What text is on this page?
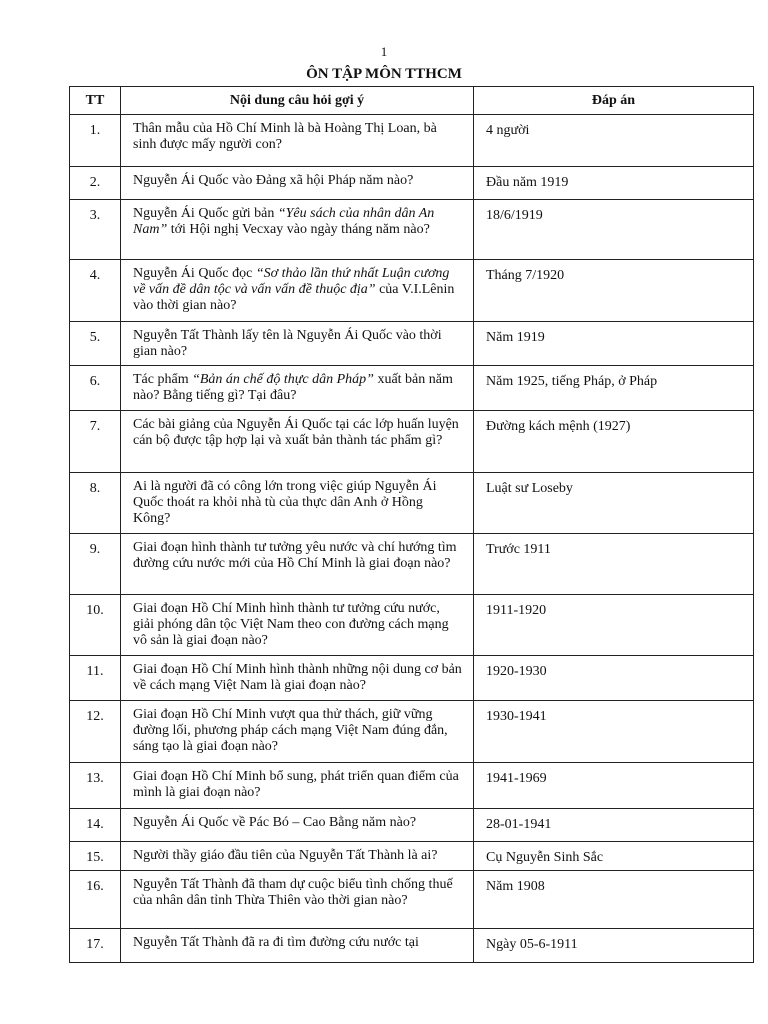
1
ÔN TẬP MÔN TTHCM
TT	Nội dung câu hỏi gợi ý	Đáp án
1.	Thân mẫu của Hồ Chí Minh là bà Hoàng Thị Loan, bà sinh được mấy người con?	4 người
2.	Nguyễn Ái Quốc vào Đảng xã hội Pháp năm nào?	Đầu năm 1919
3.	Nguyễn Ái Quốc gửi bản “Yêu sách của nhân dân An Nam” tới Hội nghị Vecxay vào ngày tháng năm nào?	18/6/1919
4.	Nguyễn Ái Quốc đọc “Sơ thảo lần thứ nhất Luận cương về vấn đề dân tộc và vấn vấn đề thuộc địa” của V.I.Lênin vào thời gian nào?	Tháng 7/1920
5.	Nguyễn Tất Thành lấy tên là Nguyễn Ái Quốc vào thời gian nào?	Năm 1919
6.	Tác phẩm “Bản án chế độ thực dân Pháp” xuất bản năm nào? Bằng tiếng gì? Tại đâu?	Năm 1925, tiếng Pháp, ở Pháp
7.	Các bài giảng của Nguyễn Ái Quốc tại các lớp huấn luyện cán bộ được tập hợp lại và xuất bản thành tác phẩm gì?	Đường kách mệnh (1927)
8.	Ai là người đã có công lớn trong việc giúp Nguyễn Ái Quốc thoát ra khỏi nhà tù của thực dân Anh ở Hồng Kông?	Luật sư Loseby
9.	Giai đoạn hình thành tư tưởng yêu nước và chí hướng tìm đường cứu nước mới của Hồ Chí Minh là giai đoạn nào?	Trước 1911
10.	Giai đoạn Hồ Chí Minh hình thành tư tưởng cứu nước, giải phóng dân tộc Việt Nam theo con đường cách mạng vô sản là giai đoạn nào?	1911-1920
11.	Giai đoạn Hồ Chí Minh hình thành những nội dung cơ bản về cách mạng Việt Nam là giai đoạn nào?	1920-1930
12.	Giai đoạn Hồ Chí Minh vượt qua thử thách, giữ vững đường lối, phương pháp cách mạng Việt Nam đúng đắn, sáng tạo là giai đoạn nào?	1930-1941
13.	Giai đoạn Hồ Chí Minh bổ sung, phát triển quan điểm của mình là giai đoạn nào?	1941-1969
14.	Nguyễn Ái Quốc về Pác Bó – Cao Bằng năm nào?	28-01-1941
15.	Người thầy giáo đầu tiên của Nguyễn Tất Thành là ai?	Cụ Nguyễn Sinh Sắc
16.	Nguyễn Tất Thành đã tham dự cuộc biểu tình chống thuế của nhân dân tỉnh Thừa Thiên vào thời gian nào?	Năm 1908
17.	Nguyễn Tất Thành đã ra đi tìm đường cứu nước tại	Ngày 05-6-1911
